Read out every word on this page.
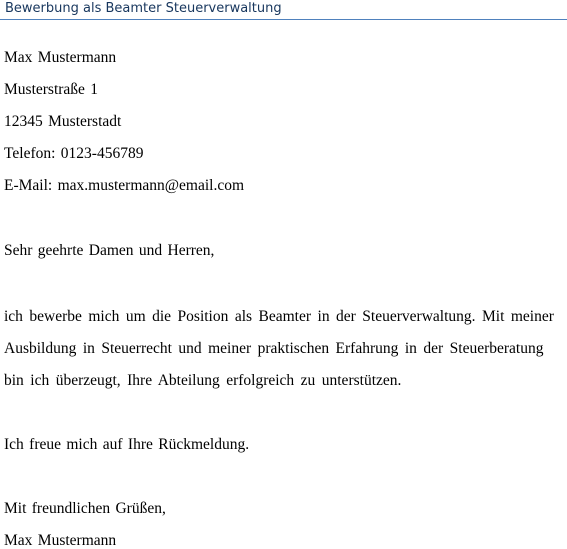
Bewerbung als Beamter Steuerverwaltung
Max Mustermann
Musterstraße 1
12345 Musterstadt
Telefon: 0123-456789
E-Mail: max.mustermann@email.com
Sehr geehrte Damen und Herren,
ich bewerbe mich um die Position als Beamter in der Steuerverwaltung. Mit meiner
Ausbildung in Steuerrecht und meiner praktischen Erfahrung in der Steuerberatung
bin ich überzeugt, Ihre Abteilung erfolgreich zu unterstützen.
Ich freue mich auf Ihre Rückmeldung.
Mit freundlichen Grüßen,
Max Mustermann
